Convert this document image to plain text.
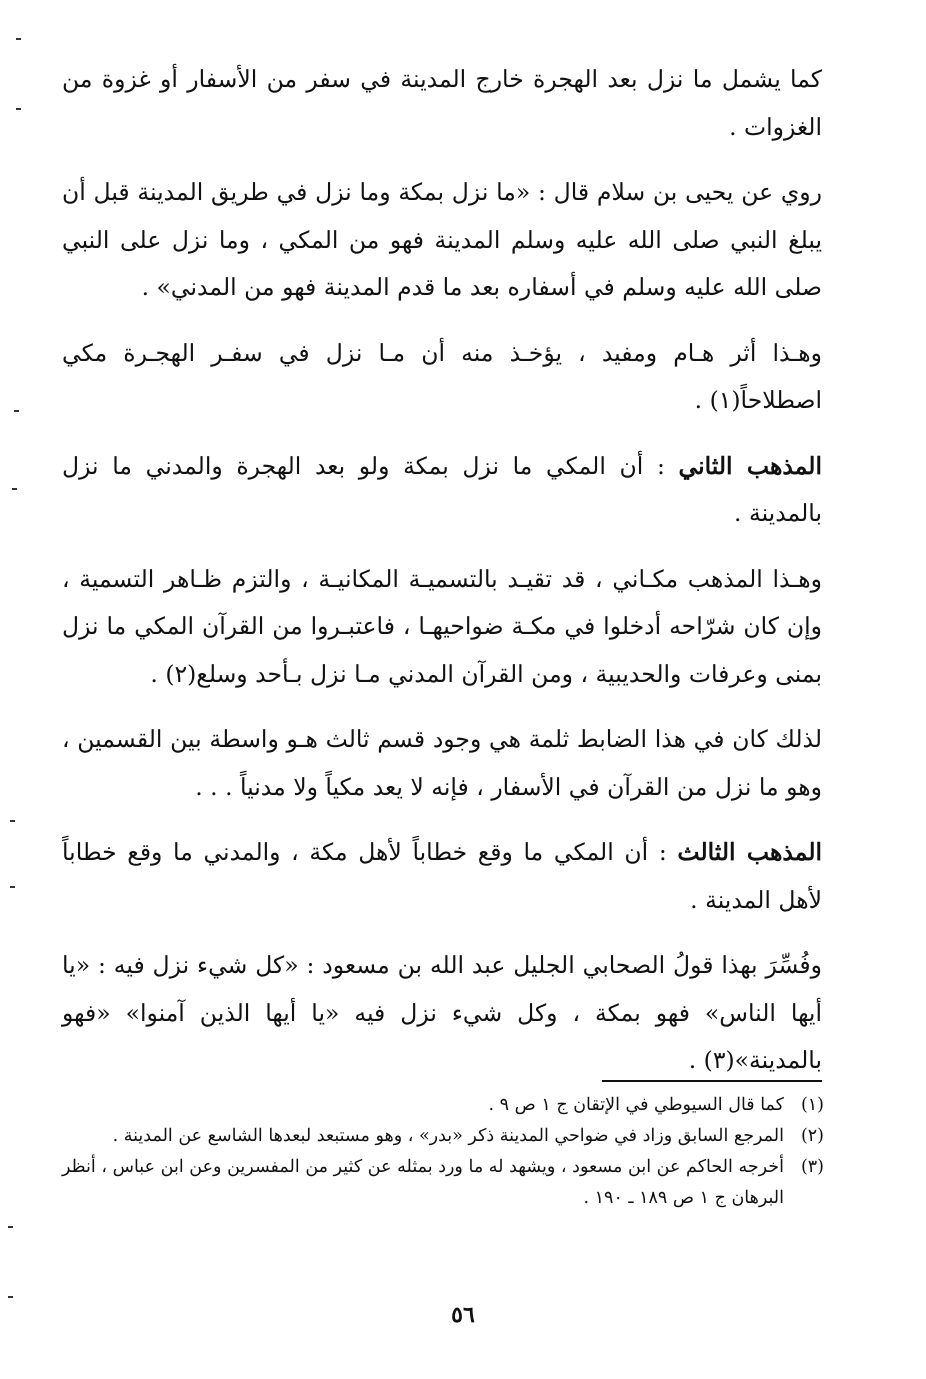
كما يشمل ما نزل بعد الهجرة خارج المدينة في سفر من الأسفار أو غزوة من الغزوات .

روي عن يحيى بن سلام قال : «ما نزل بمكة وما نزل في طريق المدينة قبل أن يبلغ النبي صلى الله عليه وسلم المدينة فهو من المكي ، وما نزل على النبي صلى الله عليه وسلم في أسفاره بعد ما قدم المدينة فهو من المدني» .

وهـذا أثر هـام ومفيد ، يؤخـذ منه أن مـا نزل في سفـر الهجـرة مكي اصطلاحاً(١) .

المذهب الثاني : أن المكي ما نزل بمكة ولو بعد الهجرة والمدني ما نزل بالمدينة .

وهـذا المذهب مكـاني ، قد تقيـد بالتسميـة المكانيـة ، والتزم ظـاهر التسمية ، وإن كان شرّاحه أدخلوا في مكـة ضواحيهـا ، فاعتبـروا من القرآن المكي ما نزل بمنى وعرفات والحديبية ، ومن القرآن المدني مـا نزل بـأحد وسلع(٢) .

لذلك كان في هذا الضابط ثلمة هي وجود قسم ثالث هـو واسطة بين القسمين ، وهو ما نزل من القرآن في الأسفار ، فإنه لا يعد مكياً ولا مدنياً . . .

المذهب الثالث : أن المكي ما وقع خطاباً لأهل مكة ، والمدني ما وقع خطاباً لأهل المدينة .

وفُسِّرَ بهذا قولُ الصحابي الجليل عبد الله بن مسعود : «كل شيء نزل فيه : «يا أيها الناس» فهو بمكة ، وكل شيء نزل فيه «يا أيها الذين آمنوا» «فهو بالمدينة»(٣) .

(١)
كما قال السيوطي في الإتقان ج ١ ص ٩ .
(٢)
المرجع السابق وزاد في ضواحي المدينة ذكر «بدر» ، وهو مستبعد لبعدها الشاسع عن المدينة .
(٣)
أخرجه الحاكم عن ابن مسعود ، ويشهد له ما ورد بمثله عن كثير من المفسرين وعن ابن عباس ، أنظر البرهان ج ١ ص ١٨٩ ـ ١٩٠ .
٥٦
